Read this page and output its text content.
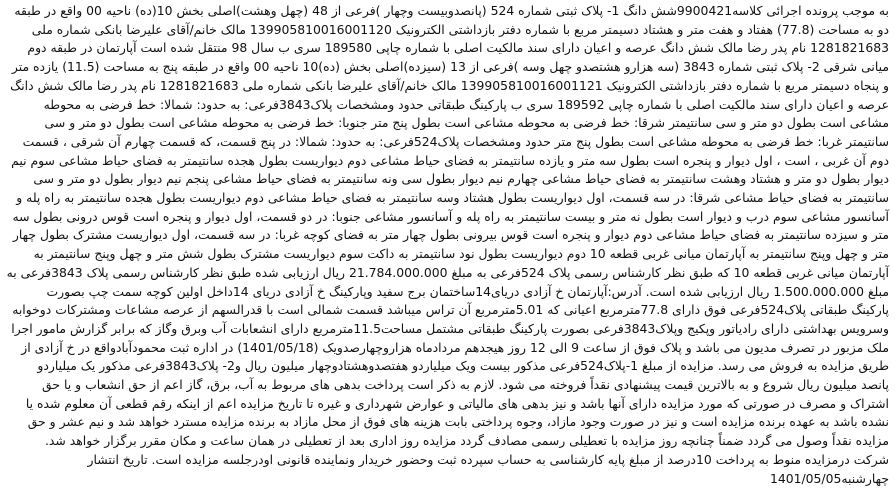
به موجب پرونده اجرائی کلاسه9900421شش دانگ 1- پلاک ثبتی شماره 524 (پانصدوبیست وچهار )فرعی از 48 (چهل وهشت)اصلی بخش 10(ده) ناحیه 00 واقع در طبقه دو به مساحت (77.8) هفتاد و هفت متر و هشتاد دسیمتر مربع با شماره دفتر بازداشتی الکترونیک 139905810016001120 مالک خانم/آقای علیرضا بانکی شماره ملی 1281821683 نام پدر رضا مالک شش دانگ عرصه و اعیان دارای سند مالکیت اصلی با شماره چاپی 189580 سری ب سال 98 منتقل شده است آپارتمان در طبقه دوم میانی شرقی 2- پلاک ثبتی شماره 3843 (سه هزارو هشتصدو چهل وسه )فرعی از 13 (سیزده)اصلی بخش (ده)10 ناحیه 00 واقع در طبقه پنج به مساحت (11.5) یازده متر و پنجاه دسیمتر مربع با شماره دفتر بازداشتی الکترونیک 139905810016001121 مالک خانم/آقای علیرضا بانکی شماره ملی 1281821683 نام پدر رضا مالک شش دانگ عرصه و اعیان دارای سند مالکیت اصلی با شماره چاپی 189592 سری ب پارکینگ طبقاتی حدود ومشخصات پلاک3843فرعی: به حدود: شمالا: خط فرضی به محوطه مشاعی است بطول دو متر و سی سانتیمتر شرقا: خط فرضی به محوطه مشاعی است بطول پنج متر جنوبا: خط فرضی به محوطه مشاعی است بطول دو متر و سی سانتیمتر غربا: خط فرضی به محوطه مشاعی است بطول پنج متر حدود ومشخصات پلاک524فرعی: به حدود: شمالا: در پنج قسمت، که قسمت چهارم آن شرقی ، قسمت دوم آن غربی ، است ، اول دیوار و پنجره است بطول سه متر و یازده سانتیمتر به فضای حیاط مشاعی دوم دیواریست بطول هجده سانتیمتر به فضای حیاط مشاعی سوم نیم دیوار بطول دو متر و هشتاد وهشت سانتیمتر به فضای حیاط مشاعی چهارم نیم دیوار بطول سی ونه سانتیمتر به فضای حیاط مشاعی پنجم نیم دیوار بطول دو متر و سی سانتیمتر به فضای حیاط مشاعی شرقا: در سه قسمت، اول دیواریست بطول هشتاد وسه سانتیمتر به فضای حیاط مشاعی دوم دیواریست بطول هجده سانتیمتر به راه پله و آسانسور مشاعی سوم درب و دیوار است بطول نه متر و بیست سانتیمتر به راه پله و آسانسور مشاعی جنوبا: در دو قسمت، اول دیوار و پنجره است قوس درونی بطول سه متر و سیزده سانتیمتر به فضای حیاط مشاعی دوم دیوار و پنجره است قوس بیرونی بطول چهار متر به فضای کوچه غربا: در سه قسمت، اول دیواریست مشترک بطول چهار متر و چهل وپنج سانتیمتر به آپارتمان میانی غربی قطعه 10 دوم دیواریست بطول نود سانتیمتر به داکت سوم دیواریست مشترک بطول شش متر و چهل وپنج سانتیمتر به آپارتمان میانی غربی قطعه 10 که طبق نظر کارشناس رسمی پلاک 524فرعی به مبلغ 21.784.000.000 ریال ارزیابی شده طبق نظر کارشناس رسمی پلاک 3843فرعی به مبلغ 1.500.000.000 ریال ارزیابی شده است. آدرس:آپارتمان خ آزادی دریای14ساختمان برج سفید وپارکینگ خ آزادی دریای 14داخل اولین کوچه سمت چپ بصورت پارکینگ طبقاتی پلاک524فرعی فوق دارای 77.8مترمربع اعیانی که 5.01مترمربع آن تراس میباشد قسمت شمالی است با قدرالسهم از عرصه مشاعات ومشترکات دوخوابه وسرویس بهداشتی دارای رادیاتور وپکیج وپلاک3843فرعی بصورت پارکینگ طبقاتی مشتمل مساحت11.5مترمربع دارای انشعابات آب وبرق وگاز که برابر گزارش مامور اجرا ملک مزبور در تصرف مدیون می باشد و پلاک فوق از ساعت 9 الی 12 روز هیجدهم مردادماه هزاروچهارصدویک (1401/05/18) در اداره ثبت محمودآبادواقع در خ آزادی از طریق مزایده به فروش می رسد. مزایده از مبلغ 1-پلاک524فرعی مذکور بیست ویک میلیاردو هفتصدوهشتادوچهار میلیون ریال و2- پلاک3843فرعی مذکور یک میلیاردو پانصد میلیون ریال شروع و به بالاترین قیمت پیشنهادی نقداً فروخته می شود. لازم به ذکر است پرداخت بدهی های مربوط به آب، برق، گاز اعم از حق انشعاب و یا حق اشتراک و مصرف در صورتی که مورد مزایده دارای آنها باشد و نیز بدهی های مالیاتی و عوارض شهرداری و غیره تا تاریخ مزایده اعم از اینکه رقم قطعی آن معلوم شده یا نشده باشد به عهده برنده مزایده است و نیز در صورت وجود مازاد، وجوه پرداختی بابت هزینه های فوق از محل مازاد به برنده مزایده مسترد خواهد شد و نیم عشر و حق مزایده نقداً وصول می گردد ضمناً چنانچه روز مزایده با تعطیلی رسمی مصادف گردد مزایده روز اداری بعد از تعطیلی در همان ساعت و مکان مقرر برگزار خواهد شد. شرکت درمزایده منوط به پرداخت 10درصد از مبلغ پایه کارشناسی به حساب سپرده ثبت وحضور خریدار ونماینده قانونی اودرجلسه مزایده است. تاریخ انتشار چهارشنبه1401/05/05
